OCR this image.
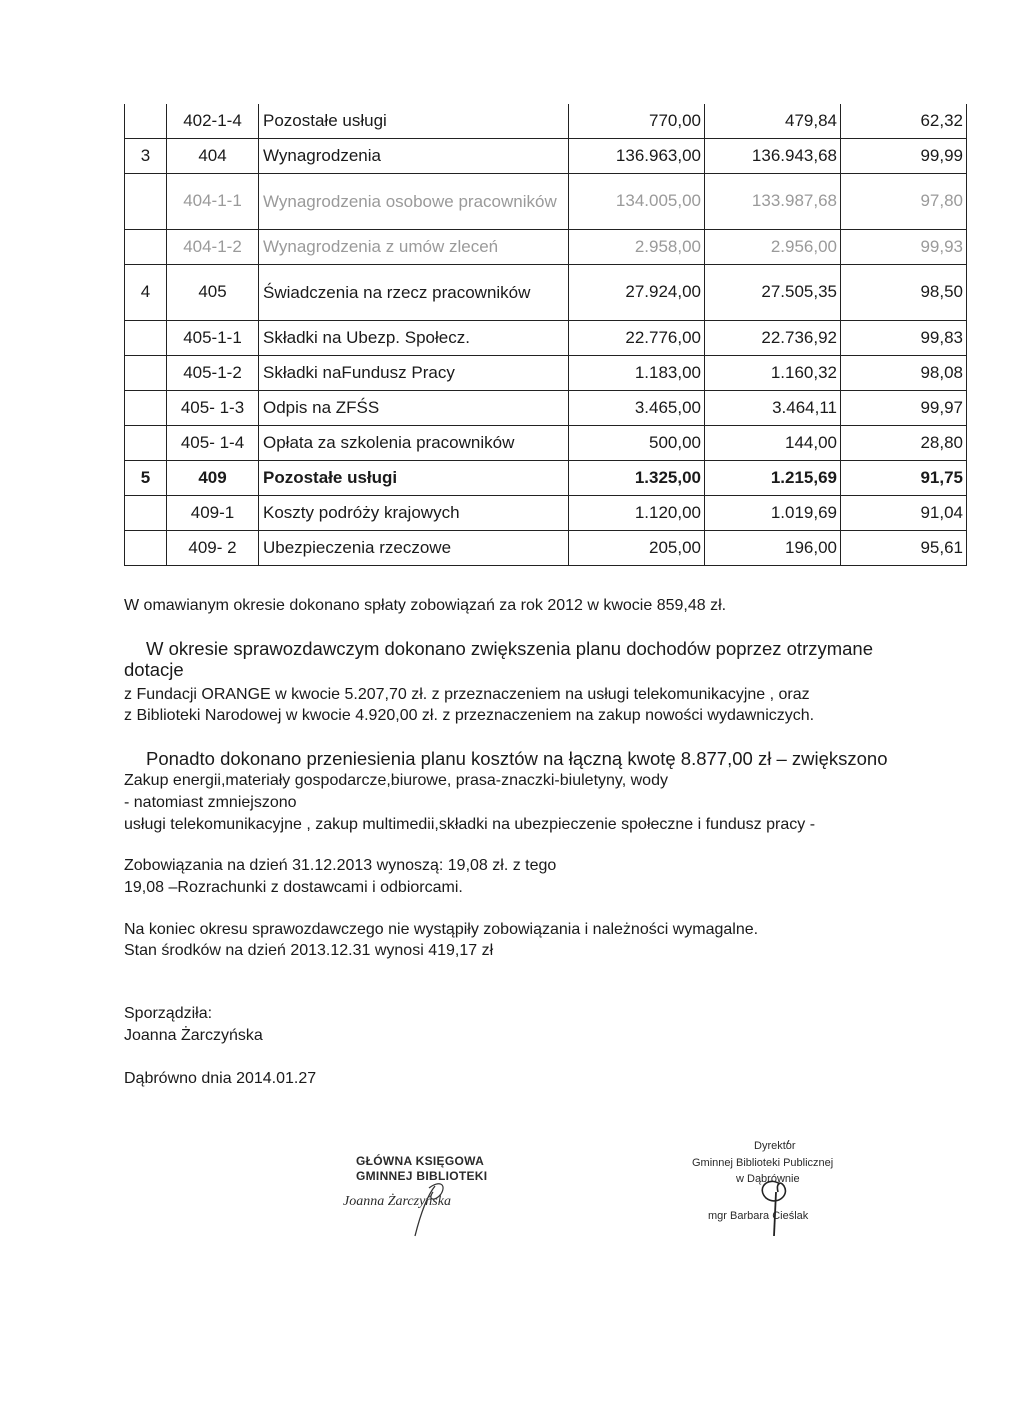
	402-1-4	Pozostałe usługi	770,00	479,84	62,32
3	404	Wynagrodzenia	136.963,00	136.943,68	99,99
	404-1-1	Wynagrodzenia osobowe pracowników	134.005,00	133.987,68	97,80
	404-1-2	Wynagrodzenia z umów zleceń	2.958,00	2.956,00	99,93
4	405	Świadczenia na rzecz pracowników	27.924,00	27.505,35	98,50
	405-1-1	Składki na Ubezp. Społecz.	22.776,00	22.736,92	99,83
	405-1-2	Składki naFundusz Pracy	1.183,00	1.160,32	98,08
	405- 1-3	Odpis na ZFŚS	3.465,00	3.464,11	99,97
	405- 1-4	Opłata za szkolenia pracowników	500,00	144,00	28,80
5	409	Pozostałe usługi	1.325,00	1.215,69	91,75
	409-1	Koszty podróży krajowych	1.120,00	1.019,69	91,04
	409- 2	Ubezpieczenia rzeczowe	205,00	196,00	95,61
W omawianym okresie dokonano spłaty zobowiązań za rok 2012 w kwocie 859,48 zł.
W okresie sprawozdawczym dokonano zwiększenia planu dochodów poprzez otrzymane
dotacje
z Fundacji ORANGE w kwocie 5.207,70 zł. z przeznaczeniem na usługi telekomunikacyjne , oraz
z Biblioteki Narodowej w kwocie 4.920,00 zł. z przeznaczeniem na zakup nowości wydawniczych.
Ponadto dokonano przeniesienia planu kosztów na łączną kwotę 8.877,00 zł – zwiększono
Zakup energii,materiały gospodarcze,biurowe, prasa-znaczki-biuletyny, wody
- natomiast zmniejszono
usługi telekomunikacyjne , zakup multimedii,składki na ubezpieczenie społeczne i fundusz pracy -
Zobowiązania na dzień 31.12.2013 wynoszą: 19,08 zł. z tego
19,08 –Rozrachunki z dostawcami i odbiorcami.
Na koniec okresu sprawozdawczego nie wystąpiły zobowiązania i należności wymagalne.
Stan środków na dzień 2013.12.31 wynosi 419,17 zł
Sporządziła:
Joanna Żarczyńska
Dąbrówno dnia 2014.01.27
GŁÓWNA KSIĘGOWA
GMINNEJ BIBLIOTEKI
Joanna Żarczyńska
Dyrektor
Gminnej Biblioteki Publicznej
w Dąbrównie
mgr Barbara Cieślak
